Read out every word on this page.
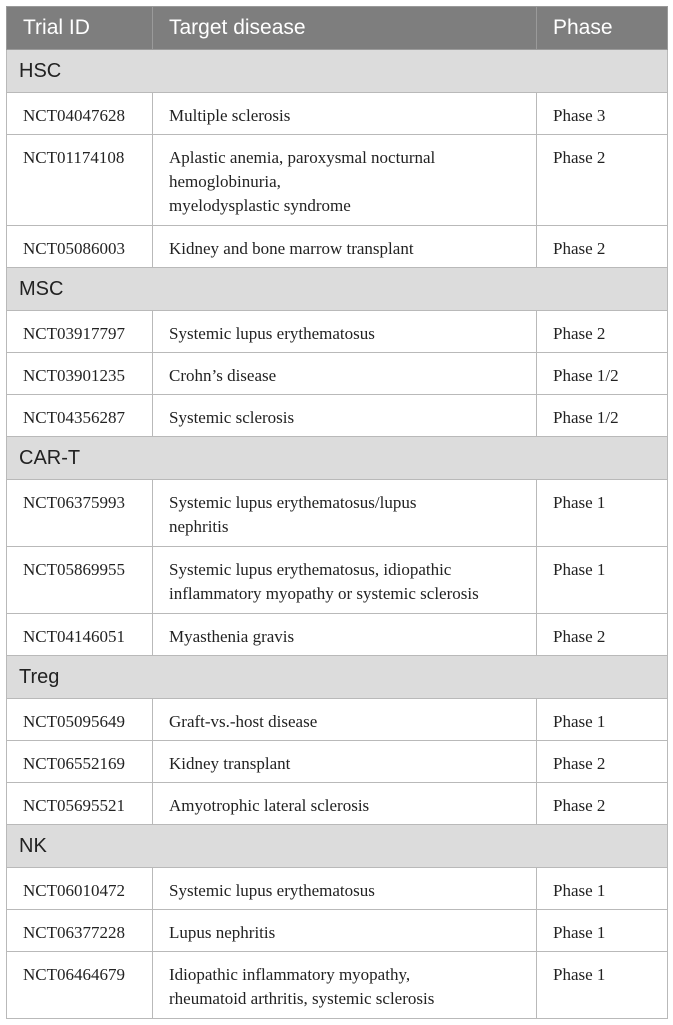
Trial ID	Target disease	Phase
HSC		
NCT04047628	Multiple sclerosis	Phase 3
NCT01174108	Aplastic anemia, paroxysmal nocturnal
hemoglobinuria,
myelodysplastic syndrome	Phase 2
NCT05086003	Kidney and bone marrow transplant	Phase 2
MSC		
NCT03917797	Systemic lupus erythematosus	Phase 2
NCT03901235	Crohn’s disease	Phase 1/2
NCT04356287	Systemic sclerosis	Phase 1/2
CAR-T		
NCT06375993	Systemic lupus erythematosus/lupus
nephritis	Phase 1
NCT05869955	Systemic lupus erythematosus, idiopathic
inflammatory myopathy or systemic sclerosis	Phase 1
NCT04146051	Myasthenia gravis	Phase 2
Treg		
NCT05095649	Graft-vs.-host disease	Phase 1
NCT06552169	Kidney transplant	Phase 2
NCT05695521	Amyotrophic lateral sclerosis	Phase 2
NK		
NCT06010472	Systemic lupus erythematosus	Phase 1
NCT06377228	Lupus nephritis	Phase 1
NCT06464679	Idiopathic inflammatory myopathy,
rheumatoid arthritis, systemic sclerosis	Phase 1
